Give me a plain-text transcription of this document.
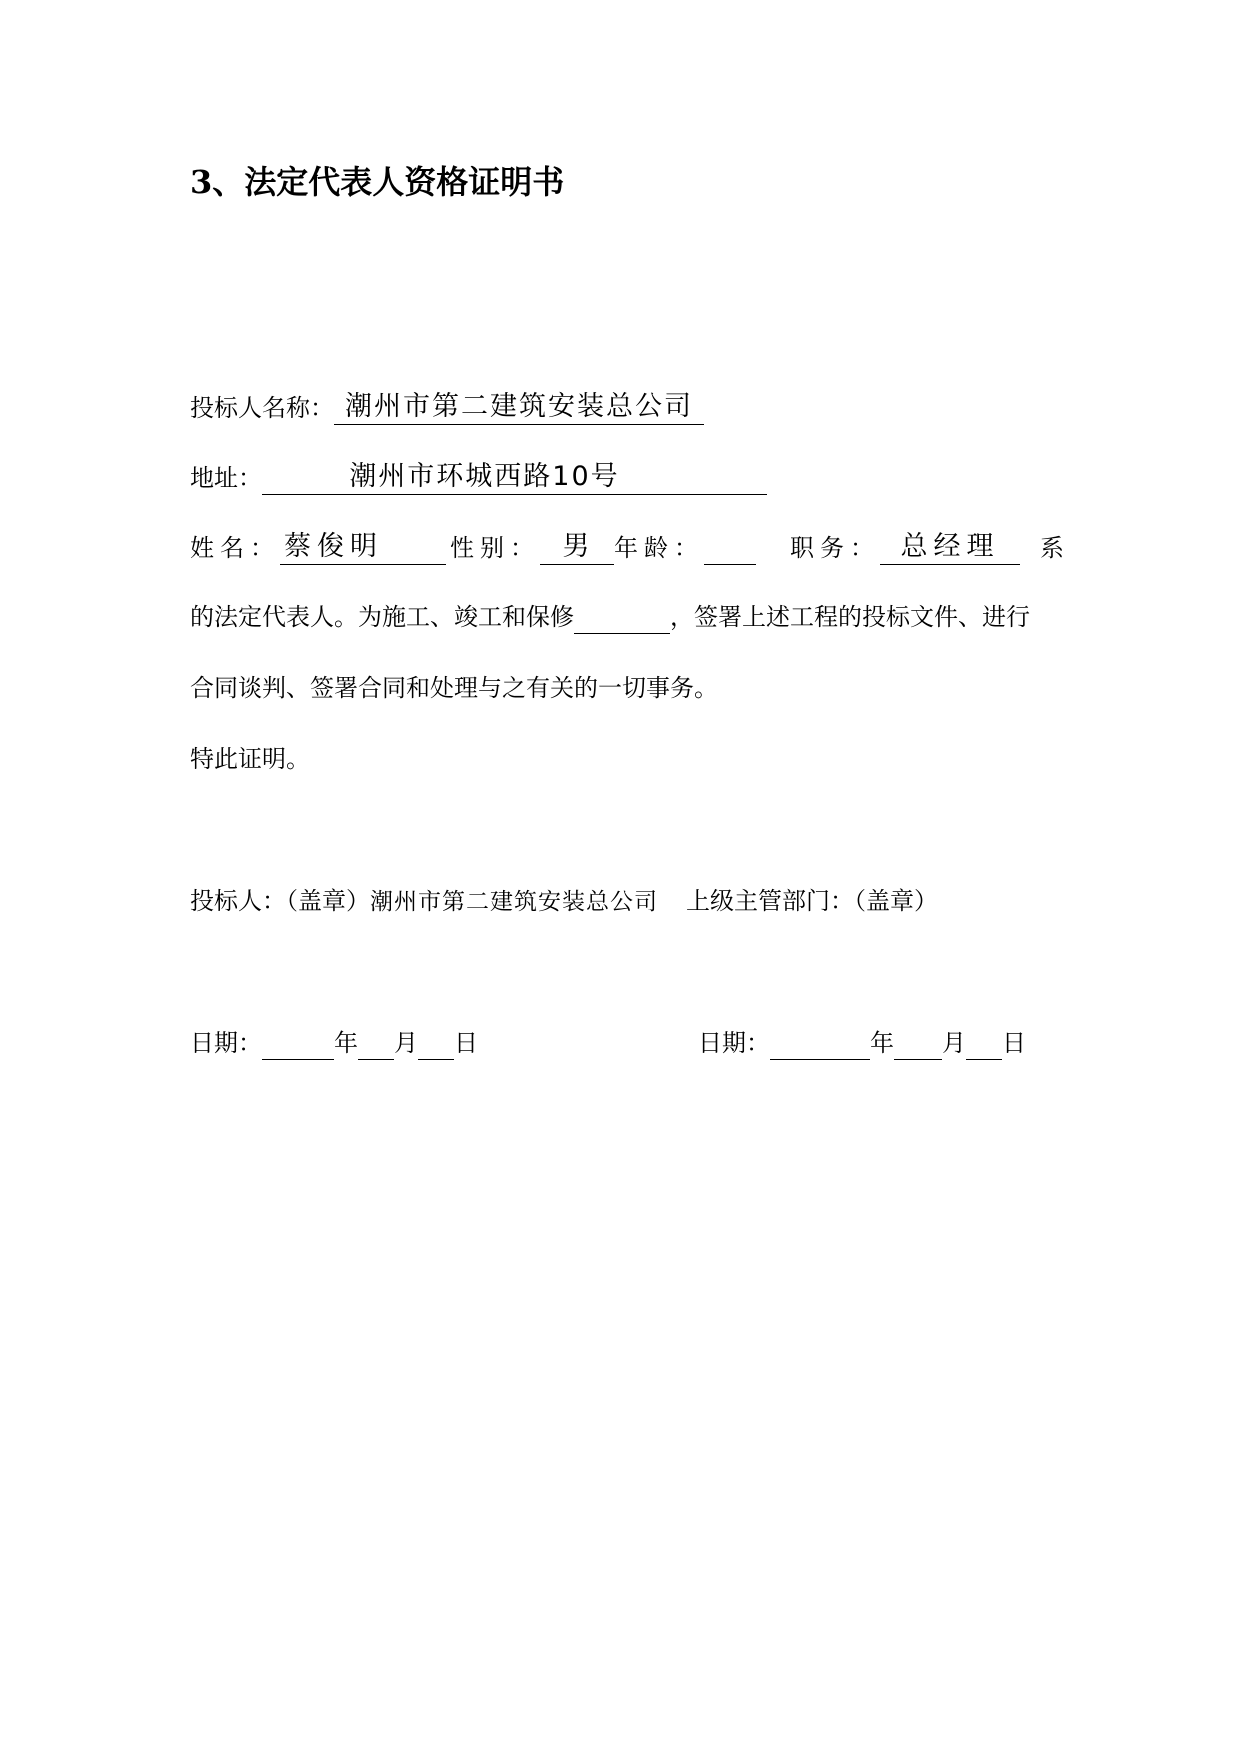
3、法定代表人资格证明书
投标人名称： 潮州市第二建筑安装总公司
地址：	潮州市环城西路10号
姓名： 蔡俊明	性别： 男 年龄：	职务： 总经理 系
的法定代表人。为施工、竣工和保修	，签署上述工程的投标文件、进行
合同谈判、签署合同和处理与之有关的一切事务。
特此证明。
投标人：（盖章）潮州市第二建筑安装总公司 上级主管部门：（盖章）
日期：	年 月 日	日期：	年 月 日
